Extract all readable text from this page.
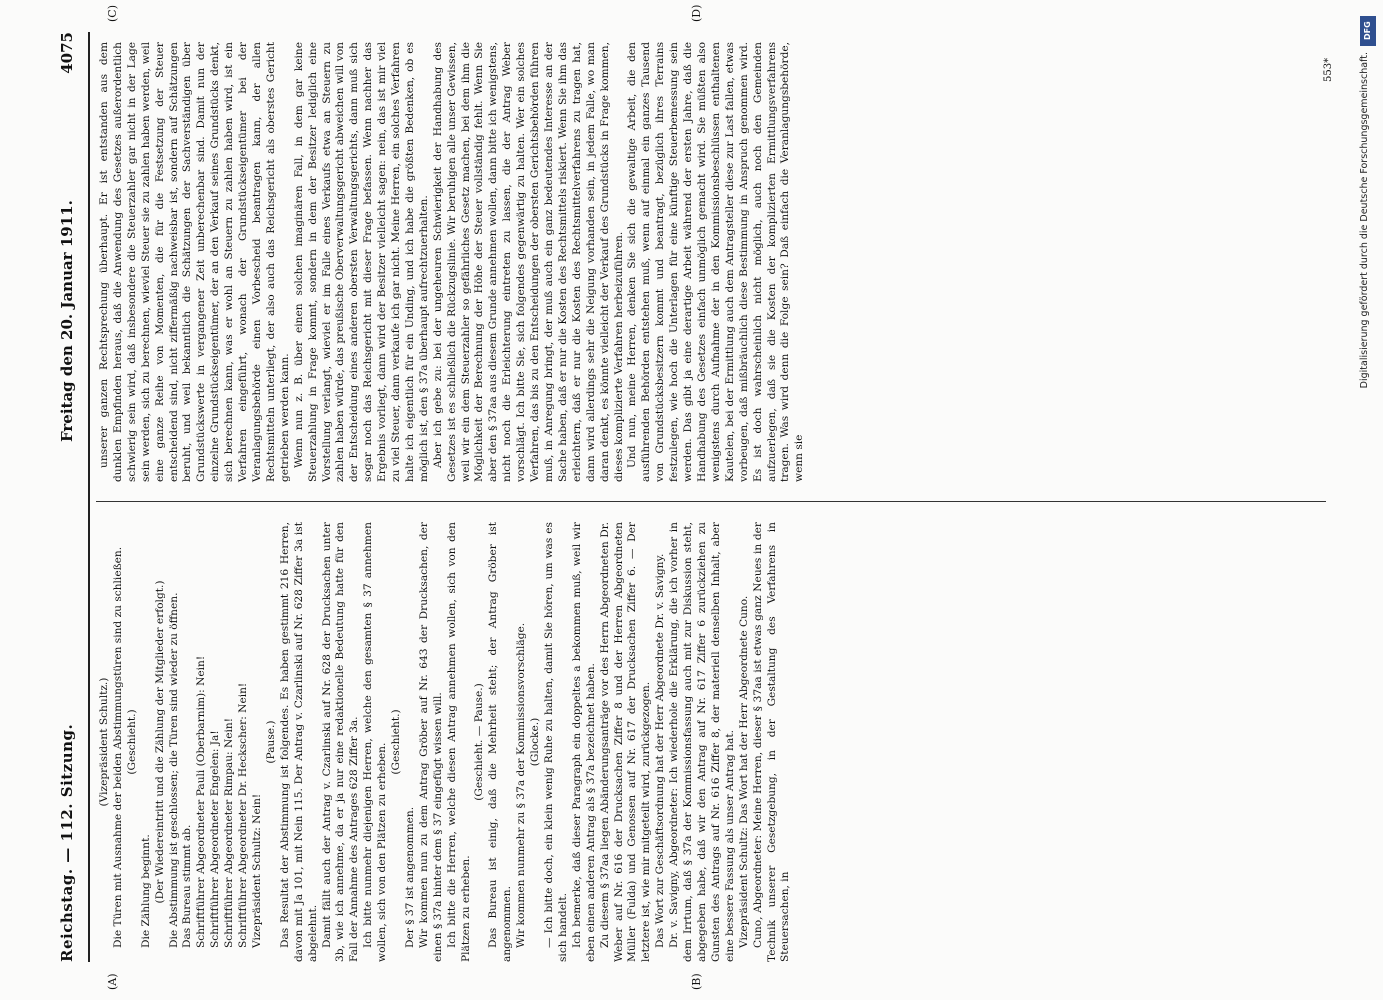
Reichstag. — 112. Sitzung.
Freitag den 20. Januar 1911.
4075
(A)	(B)
(C)	(D)

(Vizepräsident Schultz.) Die Türen mit Ausnahme der beiden Abstimmungstüren sind zu schließen. (Geschieht.)

Die Zählung beginnt. (Der Wiedereintritt und die Zählung der Mitglieder erfolgt.) Die Abstimmung ist geschlossen; die Türen sind wieder zu öffnen. Das Bureau stimmt ab. Schriftführer Abgeordneter Pauli (Oberbarnim): Nein! Schriftführer Abgeordneter Engelen: Ja! Schriftführer Abgeordneter Rimpau: Nein! Schriftführer Abgeordneter Dr. Heckscher: Nein! Vizepräsident Schultz: Nein!

(Pause.) Das Resultat der Abstimmung ist folgendes. Es haben gestimmt 216 Herren, davon mit Ja 101, mit Nein 115. Der Antrag v. Czarlinski auf Nr. 628 Ziffer 3a ist abgelehnt. Damit fällt auch der Antrag v. Czarlinski auf Nr. 628 der Drucksachen unter 3b, wie ich annehme, da er ja nur eine redaktionelle Bedeutung hatte für den Fall der Annahme des Antrages 628 Ziffer 3a. Ich bitte nunmehr diejenigen Herren, welche den gesamten § 37 annehmen wollen, sich von den Plätzen zu erheben.

(Geschieht.)

Der § 37 ist angenommen. Wir kommen nun zu dem Antrag Gröber auf Nr. 643 der Drucksachen, der einen § 37a hinter dem § 37 eingefügt wissen will. Ich bitte die Herren, welche diesen Antrag annehmen wollen, sich von den Plätzen zu erheben.

(Geschieht. — Pause.) Das Bureau ist einig, daß die Mehrheit steht; der Antrag Gröber ist angenommen. Wir kommen nunmehr zu § 37a der Kommissionsvorschläge. (Glocke.) — Ich bitte doch, ein klein wenig Ruhe zu halten, damit Sie hören, um was es sich handelt. Ich bemerke, daß dieser Paragraph ein doppeltes a bekommen muß, weil wir eben einen anderen Antrag als § 37a bezeichnet haben. Zu diesem § 37aa liegen Abänderungsanträge vor des Herrn Abgeordneten Dr. Weber auf Nr. 616 der Drucksachen Ziffer 8 und der Herren Abgeordneten Müller (Fulda) und Genossen auf Nr. 617 der Drucksachen Ziffer 6. — Der letztere ist, wie mir mitgeteilt wird, zurückgezogen. Das Wort zur Geschäftsordnung hat der Herr Abgeordnete Dr. v. Savigny. Dr. v. Savigny, Abgeordneter: Ich wiederhole die Erklärung, die ich vorher in dem Irrtum, daß § 37a der Kommissionsfassung auch mit zur Diskussion steht, abgegeben habe, daß wir den Antrag auf Nr. 617 Ziffer 6 zurückziehen zu Gunsten des Antrags auf Nr. 616 Ziffer 8, der materiell denselben Inhalt, aber eine bessere Fassung als unser Antrag hat. Vizepräsident Schultz: Das Wort hat der Herr Abgeordnete Cuno. Cuno, Abgeordneter: Meine Herren, dieser § 37aa ist etwas ganz Neues in der Technik unserer Gesetzgebung, in der Gestaltung des Verfahrens in Steuersachen, in

unserer ganzen Rechtsprechung überhaupt. Er ist entstanden aus dem dunklen Empfinden heraus, daß die Anwendung des Gesetzes außerordentlich schwierig sein wird, daß insbesondere die Steuerzahler gar nicht in der Lage sein werden, sich zu berechnen, wieviel Steuer sie zu zahlen haben werden, weil eine ganze Reihe von Momenten, die für die Festsetzung der Steuer entscheidend sind, nicht ziffermäßig nachweisbar ist, sondern auf Schätzungen beruht, und weil bekanntlich die Schätzungen der Sachverständigen über Grundstückswerte in vergangener Zeit unberechenbar sind. Damit nun der einzelne Grundstückseigentümer, der an den Verkauf seines Grundstücks denkt, sich berechnen kann, was er wohl an Steuern zu zahlen haben wird, ist ein Verfahren eingeführt, wonach der Grundstückseigentümer bei der Veranlagungsbehörde einen Vorbescheid beantragen kann, der allen Rechtsmitteln unterliegt, der also auch das Reichsgericht als oberstes Gericht getrieben werden kann. Wenn nun z. B. über einen solchen imaginären Fall, in dem gar keine Steuerzahlung in Frage kommt, sondern in dem der Besitzer lediglich eine Vorstellung verlangt, wieviel er im Falle eines Verkaufs etwa an Steuern zu zahlen haben würde, das preußische Oberverwaltungsgericht abweichen will von der Entscheidung eines anderen obersten Verwaltungsgerichts, dann muß sich sogar noch das Reichsgericht mit dieser Frage befassen. Wenn nachher das Ergebnis vorliegt, dann wird der Besitzer vielleicht sagen: nein, das ist mir viel zu viel Steuer, dann verkaufe ich gar nicht. Meine Herren, ein solches Verfahren halte ich eigentlich für ein Unding, und ich habe die größten Bedenken, ob es möglich ist, den § 37a überhaupt aufrechtzuerhalten. Aber ich gebe zu: bei der ungeheuren Schwierigkeit der Handhabung des Gesetzes ist es schließlich die Rückzugslinie. Wir beruhigen alle unser Gewissen, weil wir ein dem Steuerzahler so gefährliches Gesetz machen, bei dem ihm die Möglichkeit der Berechnung der Höhe der Steuer vollständig fehlt. Wenn Sie aber den § 37aa aus diesem Grunde annehmen wollen, dann bitte ich wenigstens, nicht noch die Erleichterung eintreten zu lassen, die der Antrag Weber vorschlägt. Ich bitte Sie, sich folgendes gegenwärtig zu halten. Wer ein solches Verfahren, das bis zu den Entscheidungen der obersten Gerichtsbehörden führen muß, in Anregung bringt, der muß auch ein ganz bedeutendes Interesse an der Sache haben, daß er nur die Kosten des Rechtsmittels riskiert. Wenn Sie ihm das erleichtern, daß er nur die Kosten des Rechtsmittelverfahrens zu tragen hat, dann wird allerdings sehr die Neigung vorhanden sein, in jedem Falle, wo man daran denkt, es könnte vielleicht der Verkauf des Grundstücks in Frage kommen, dieses komplizierte Verfahren herbeizuführen. Und nun, meine Herren, denken Sie sich die gewaltige Arbeit, die den ausführenden Behörden entstehen muß, wenn auf einmal ein ganzes Tausend von Grundstücksbesitzern kommt und beantragt, bezüglich ihres Terrains festzulegen, wie hoch die Unterlagen für eine künftige Steuerbemessung sein werden. Das gibt ja eine derartige Arbeit während der ersten Jahre, daß die Handhabung des Gesetzes einfach unmöglich gemacht wird. Sie müßten also wenigstens durch Aufnahme der in den Kommissionsbeschlüssen enthaltenen Kautelen, bei der Ermittlung auch dem Antragsteller diese zur Last fallen, etwas vorbeugen, daß mißbräuchlich diese Bestimmung in Anspruch genommen wird. Es ist doch wahrscheinlich nicht möglich, auch noch den Gemeinden aufzuerlegen, daß sie die Kosten der komplizierten Ermittlungsverfahrens tragen. Was wird denn die Folge sein? Daß einfach die Veranlagungsbehörde, wenn sie

553*
DFG
Digitalisierung gefördert durch die Deutsche Forschungsgemeinschaft.
